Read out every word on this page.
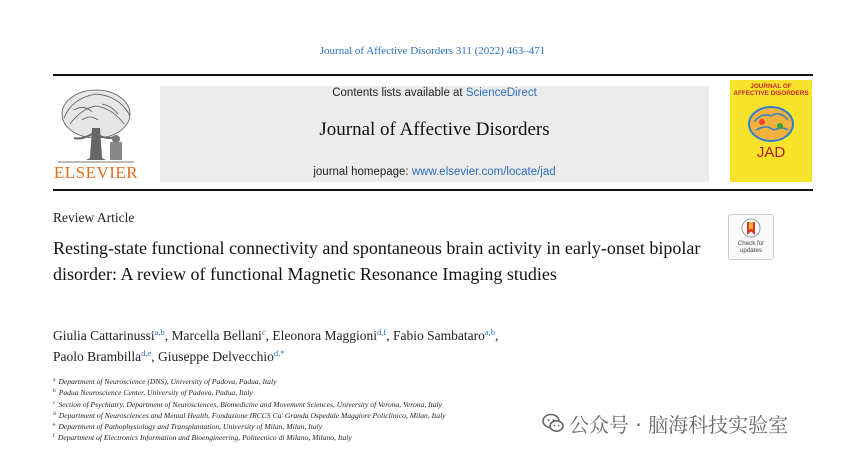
Journal of Affective Disorders 311 (2022) 463–471
ELSEVIER
Contents lists available at ScienceDirect
Journal of Affective Disorders
journal homepage: www.elsevier.com/locate/jad
JOURNAL OF
AFFECTIVE DISORDERS
JAD
Review Article
Resting-state functional connectivity and spontaneous brain activity in early-onset bipolar disorder: A review of functional Magnetic Resonance Imaging studies
Check for
updates
Giulia Cattarinussi$^{a,b}$, Marcella Bellani$^c$, Eleonora Maggioni$^{d,f}$, Fabio Sambataro$^{a,b}$,
Paolo Brambilla$^{d,e}$, Giuseppe Delvecchio$^{d,*}$
$^a$ Department of Neuroscience (DNS), University of Padova, Padua, Italy
$^b$ Padua Neuroscience Center, University of Padova, Padua, Italy
$^c$ Section of Psychiatry, Department of Neurosciences, Biomedicine and Movement Sciences, University of Verona, Verona, Italy
$^d$ Department of Neurosciences and Mental Health, Fondazione IRCCS Ca' Granda Ospedale Maggiore Policlinico, Milan, Italy
$^e$ Department of Pathophysiology and Transplantation, University of Milan, Milan, Italy
$^f$ Department of Electronics Information and Bioengineering, Politecnico di Milano, Milano, Italy
公众号 · 脑海科技实验室
